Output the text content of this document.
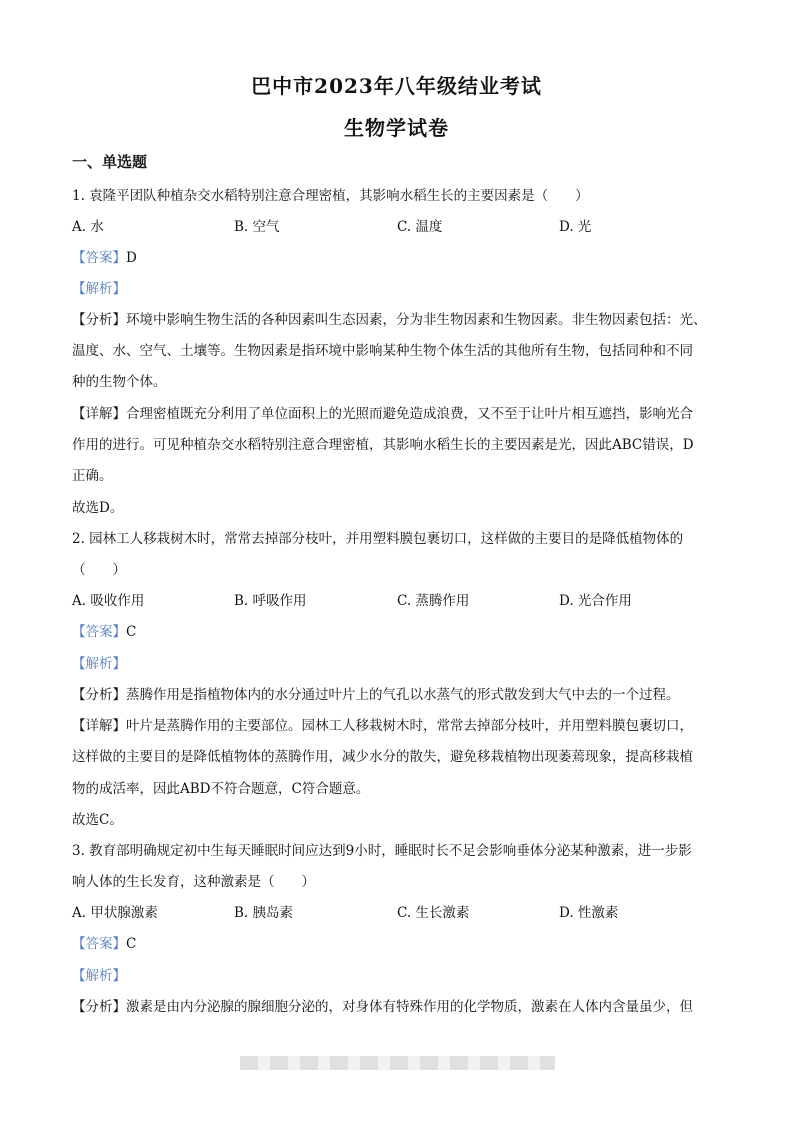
巴中市2023年八年级结业考试
生物学试卷
一、单选题
1. 袁隆平团队种植杂交水稻特别注意合理密植，其影响水稻生长的主要因素是（　　）
A. 水	B. 空气	C. 温度	D. 光
【答案】D
【解析】
【分析】环境中影响生物生活的各种因素叫生态因素，分为非生物因素和生物因素。非生物因素包括：光、
温度、水、空气、土壤等。生物因素是指环境中影响某种生物个体生活的其他所有生物，包括同种和不同
种的生物个体。
【详解】合理密植既充分利用了单位面积上的光照而避免造成浪费，又不至于让叶片相互遮挡，影响光合
作用的进行。可见种植杂交水稻特别注意合理密植，其影响水稻生长的主要因素是光，因此ABC错误，D
正确。
故选D。
2. 园林工人移栽树木时，常常去掉部分枝叶，并用塑料膜包裹切口，这样做的主要目的是降低植物体的
（　　）
A. 吸收作用	B. 呼吸作用	C. 蒸腾作用	D. 光合作用
【答案】C
【解析】
【分析】蒸腾作用是指植物体内的水分通过叶片上的气孔以水蒸气的形式散发到大气中去的一个过程。
【详解】叶片是蒸腾作用的主要部位。园林工人移栽树木时，常常去掉部分枝叶，并用塑料膜包裹切口，
这样做的主要目的是降低植物体的蒸腾作用，减少水分的散失，避免移栽植物出现萎蔫现象，提高移栽植
物的成活率，因此ABD不符合题意，C符合题意。
故选C。
3. 教育部明确规定初中生每天睡眠时间应达到9小时，睡眠时长不足会影响垂体分泌某种激素，进一步影
响人体的生长发育，这种激素是（　　）
A. 甲状腺激素	B. 胰岛素	C. 生长激素	D. 性激素
【答案】C
【解析】
【分析】激素是由内分泌腺的腺细胞分泌的，对身体有特殊作用的化学物质，激素在人体内含量虽少，但
